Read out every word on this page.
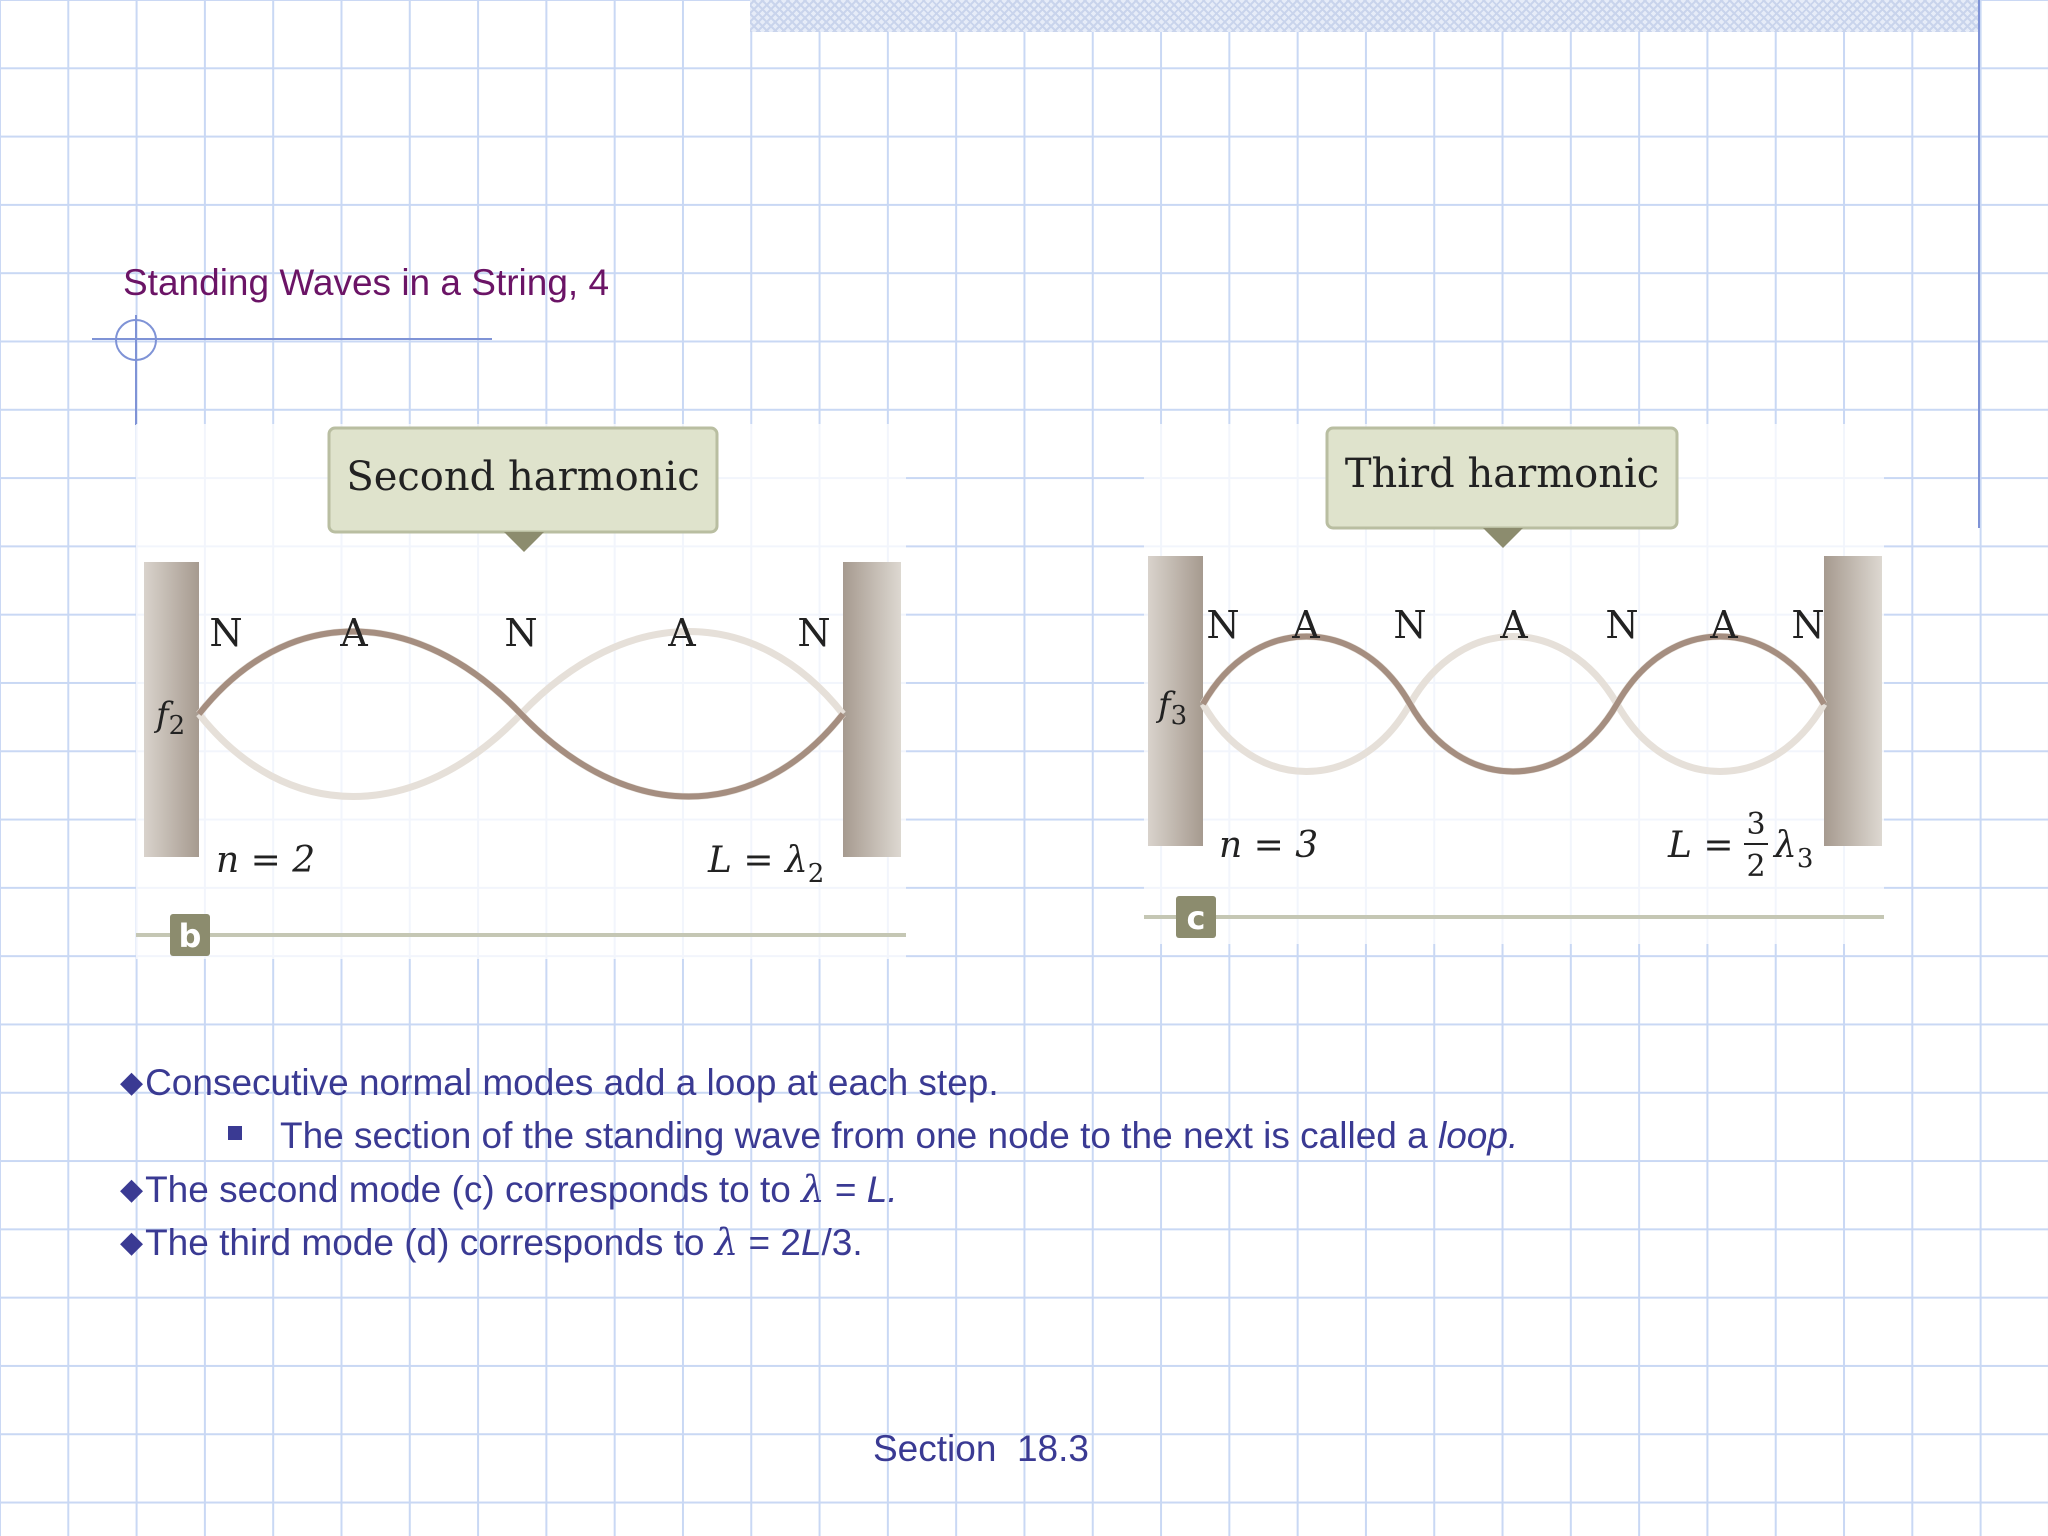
Standing Waves in a String, 4
Second harmonic
N	A	N	A	N
$f_2$
n = 2	$L = \lambda_2$
b
Third harmonic
N A N A N A N
$f_3$
n = 3	L =
3
2
$\lambda_3$
c
◆Consecutive normal modes add a loop at each step.
The section of the standing wave from one node to the next is called a loop.
◆The second mode (c) corresponds to to λ = L.
◆The third mode (d) corresponds to λ = 2L/3.
Section  18.3
